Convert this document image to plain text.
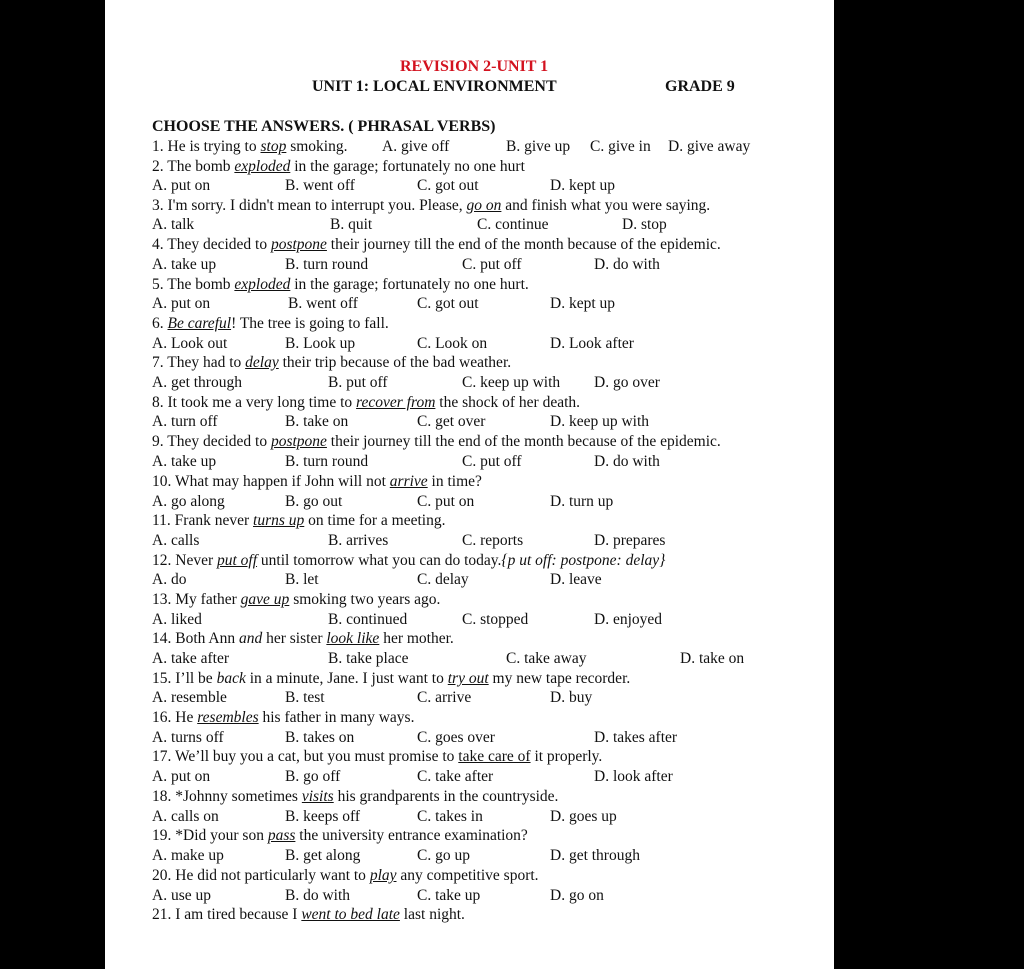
REVISION 2-UNIT 1
UNIT 1: LOCAL ENVIRONMENT	GRADE 9
CHOOSE THE ANSWERS. ( PHRASAL VERBS)
1. He is trying to stop smoking. A. give off	B. give up C. give in D. give away
2. The bomb exploded in the garage; fortunately no one hurt
A. put on	B. went off	C. got out	D. kept up
3. I'm sorry. I didn't mean to interrupt you. Please, go on and finish what you were saying.
A. talk	B. quit	C. continue	D. stop
4. They decided to postpone their journey till the end of the month because of the epidemic.
A. take up	B. turn round	C. put off	D. do with
5. The bomb exploded in the garage; fortunately no one hurt.
A. put on	B. went off	C. got out	D. kept up
6. Be careful! The tree is going to fall.
A. Look out	B. Look up	C. Look on	D. Look after
7. They had to delay their trip because of the bad weather.
A. get through	B. put off	C. keep up with D. go over
8. It took me a very long time to recover from the shock of her death.
A. turn off	B. take on	C. get over	D. keep up with
9. They decided to postpone their journey till the end of the month because of the epidemic.
A. take up	B. turn round	C. put off	D. do with
10. What may happen if John will not arrive in time?
A. go along	B. go out	C. put on	D. turn up
11. Frank never turns up on time for a meeting.
A. calls	B. arrives	C. reports	D. prepares
12. Never put off until tomorrow what you can do today.{p ut off: postpone: delay}
A. do	B. let	C. delay	D. leave
13. My father gave up smoking two years ago.
A. liked	B. continued	C. stopped	D. enjoyed
14. Both Ann and her sister look like her mother.
A. take after	B. take place	C. take away	D. take on
15. I’ll be back in a minute, Jane. I just want to try out my new tape recorder.
A. resemble	B. test	C. arrive	D. buy
16. He resembles his father in many ways.
A. turns off	B. takes on	C. goes over	D. takes after
17. We’ll buy you a cat, but you must promise to take care of it properly.
A. put on	B. go off	C. take after	D. look after
18. *Johnny sometimes visits his grandparents in the countryside.
A. calls on	B. keeps off	C. takes in	D. goes up
19. *Did your son pass the university entrance examination?
A. make up	B. get along	C. go up	D. get through
20. He did not particularly want to play any competitive sport.
A. use up	B. do with	C. take up	D. go on
21. I am tired because I went to bed late last night.
